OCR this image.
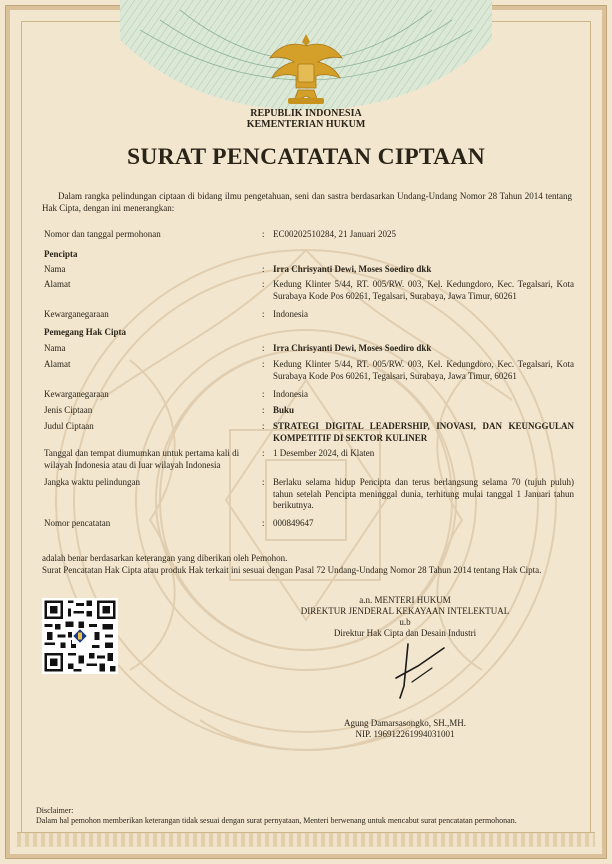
REPUBLIK INDONESIA
KEMENTERIAN HUKUM
SURAT PENCATATAN CIPTAAN
Dalam rangka pelindungan ciptaan di bidang ilmu pengetahuan, seni dan sastra berdasarkan Undang-Undang Nomor 28 Tahun 2014 tentang Hak Cipta, dengan ini menerangkan:
Nomor dan tanggal permohonan	: EC00202510284, 21 Januari 2025
Pencipta
Nama	: Irra Chrisyanti Dewi, Moses Soediro dkk
Alamat	: Kedung Klinter 5/44, RT. 005/RW. 003, Kel. Kedungdoro, Kec. Tegalsari, Kota Surabaya Kode Pos 60261, Tegalsari, Surabaya, Jawa Timur, 60261
Kewarganegaraan	: Indonesia
Pemegang Hak Cipta
Nama	: Irra Chrisyanti Dewi, Moses Soediro dkk
Alamat	: Kedung Klinter 5/44, RT. 005/RW. 003, Kel. Kedungdoro, Kec. Tegalsari, Kota Surabaya Kode Pos 60261, Tegalsari, Surabaya, Jawa Timur, 60261
Kewarganegaraan	: Indonesia
Jenis Ciptaan	: Buku
Judul Ciptaan	: STRATEGI DIGITAL LEADERSHIP, INOVASI, DAN KEUNGGULAN KOMPETITIF DI SEKTOR KULINER
Tanggal dan tempat diumumkan untuk pertama kali di wilayah Indonesia atau di luar wilayah Indonesia
: 1 Desember 2024, di Klaten
Jangka waktu pelindungan	: Berlaku selama hidup Pencipta dan terus berlangsung selama 70 (tujuh puluh) tahun setelah Pencipta meninggal dunia, terhitung mulai tanggal 1 Januari tahun berikutnya.
Nomor pencatatan	: 000849647
adalah benar berdasarkan keterangan yang diberikan oleh Pemohon.
Surat Pencatatan Hak Cipta atau produk Hak terkait ini sesuai dengan Pasal 72 Undang-Undang Nomor 28 Tahun 2014 tentang Hak Cipta.
a.n. MENTERI HUKUM
DIREKTUR JENDERAL KEKAYAAN INTELEKTUAL
u.b
Direktur Hak Cipta dan Desain Industri
Agung Damarsasongko, SH.,MH.
NIP. 196912261994031001
Disclaimer:
Dalam hal pemohon memberikan keterangan tidak sesuai dengan surat pernyataan, Menteri berwenang untuk mencabut surat pencatatan permohonan.
